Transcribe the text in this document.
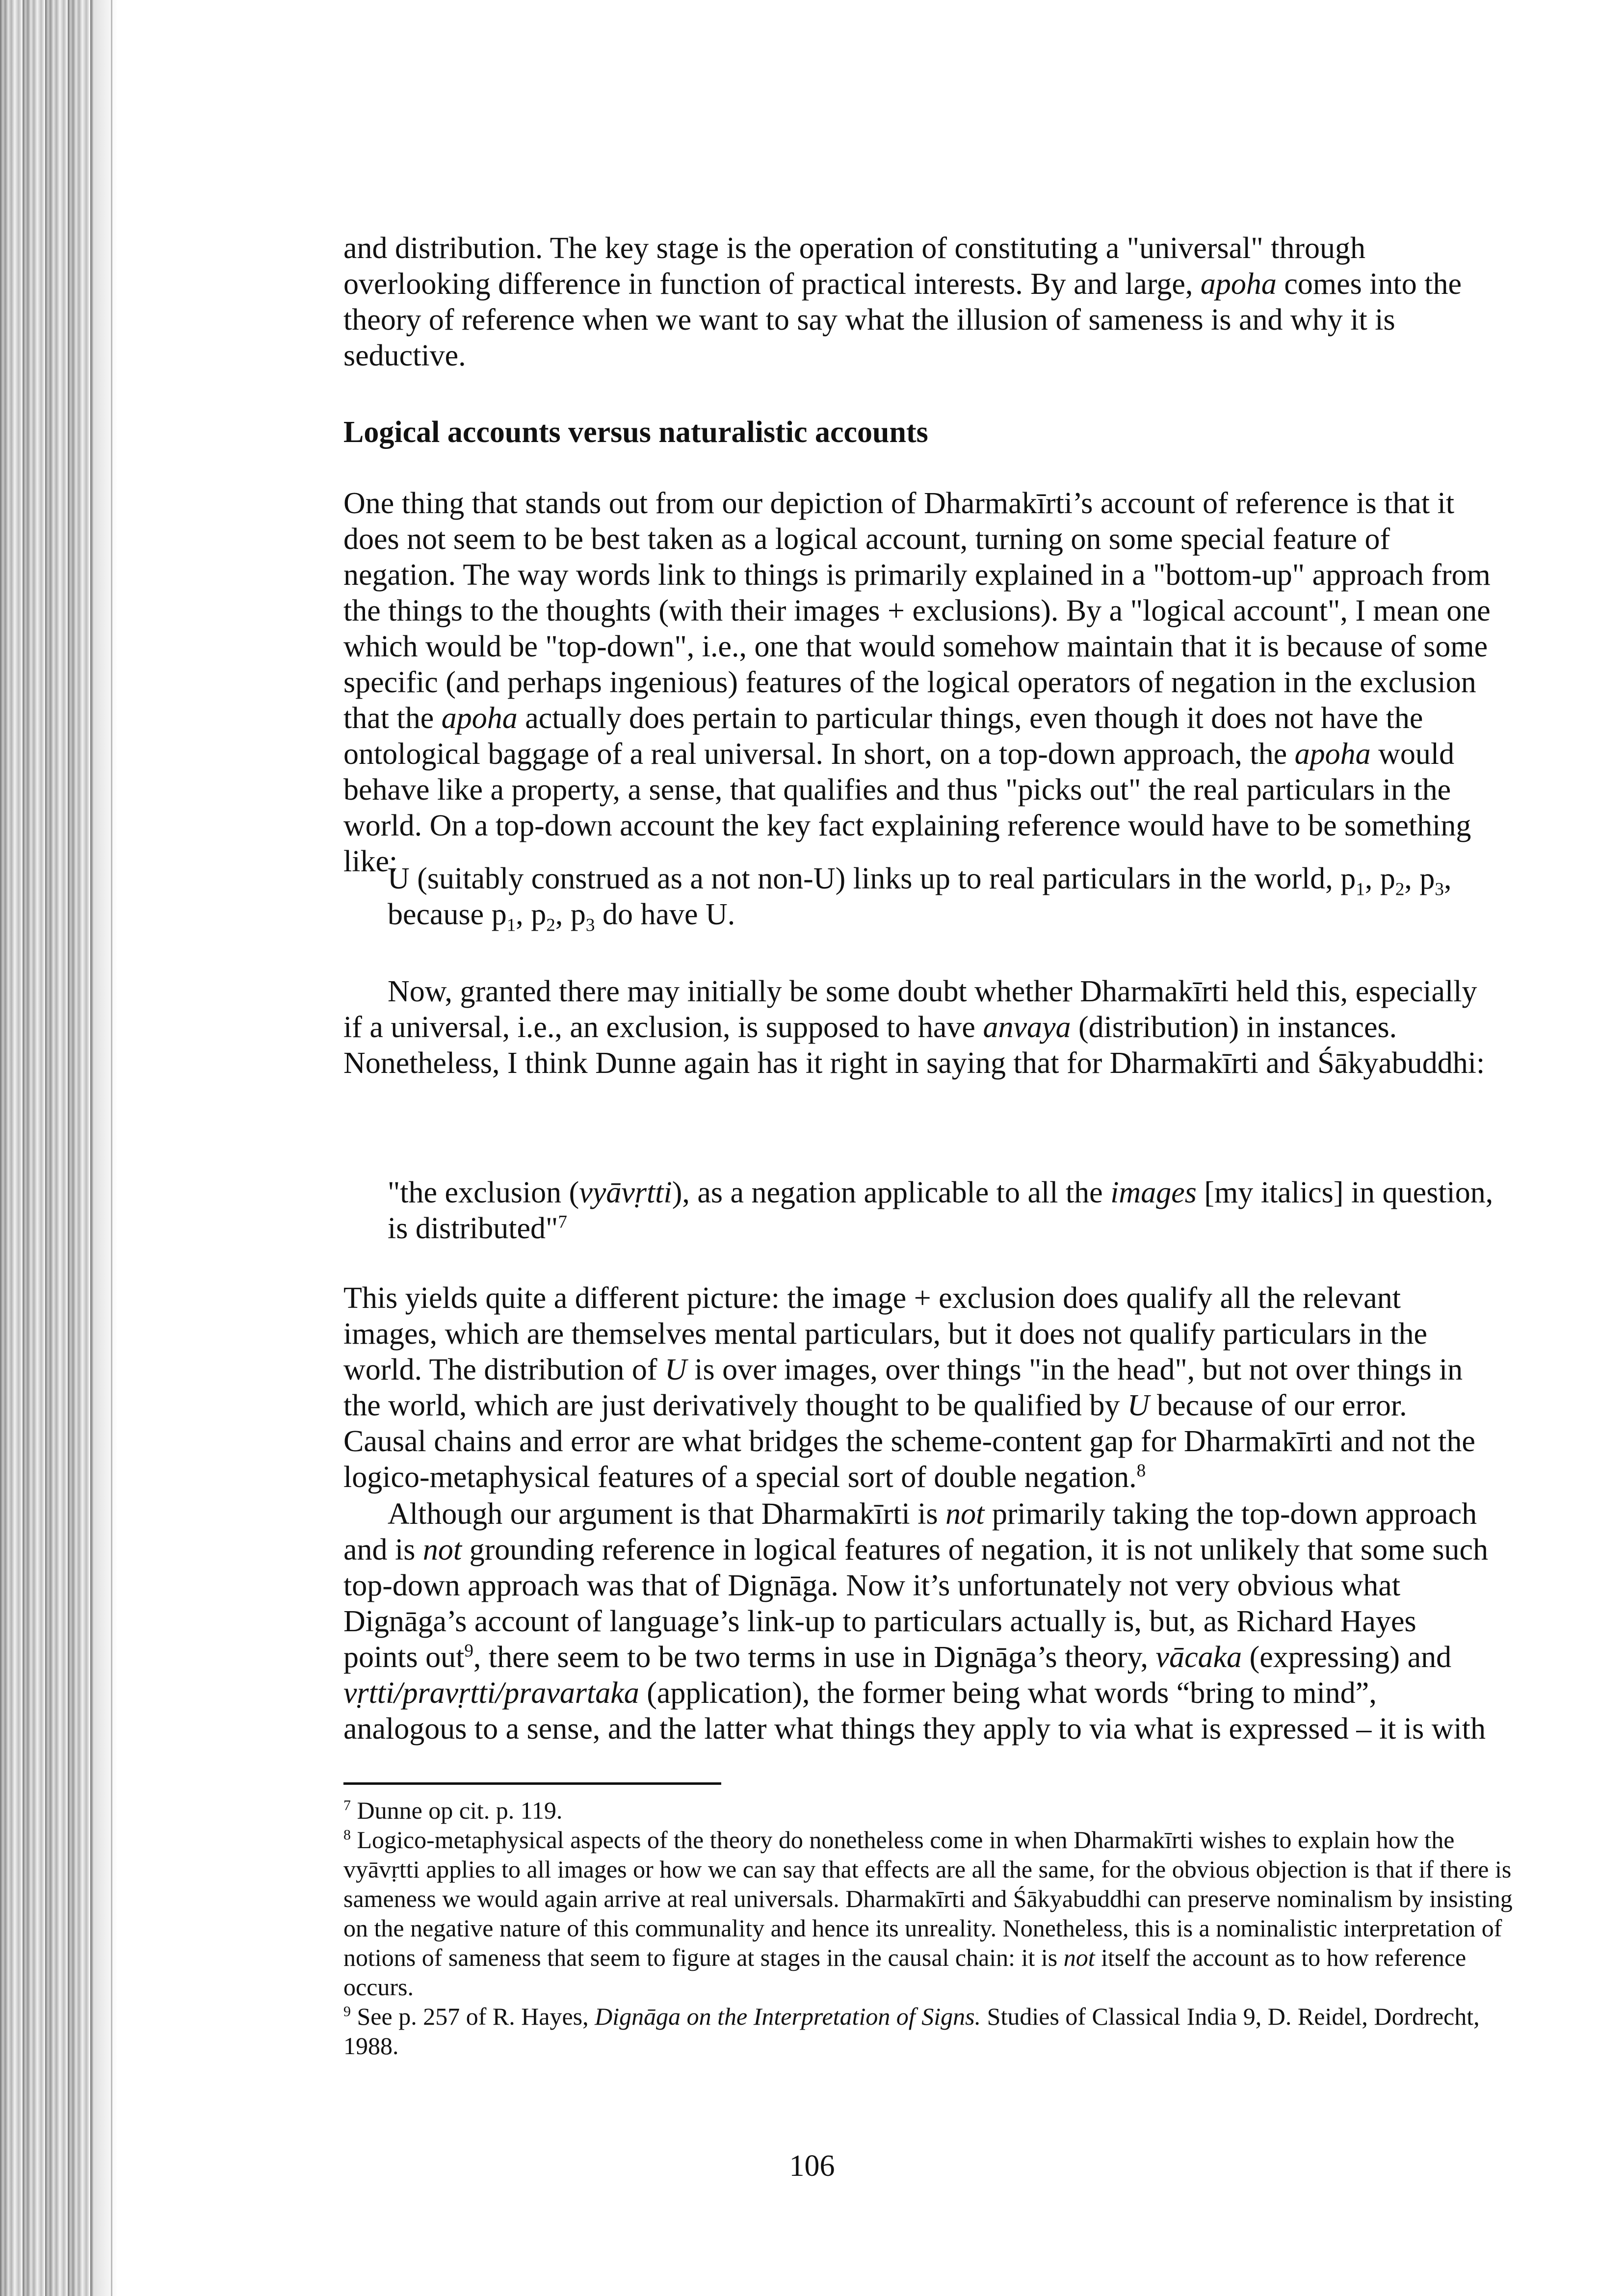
and distribution. The key stage is the operation of constituting a "universal" through overlooking difference in function of practical interests. By and large, apoha comes into the theory of reference when we want to say what the illusion of sameness is and why it is seductive.

Logical accounts versus naturalistic accounts

One thing that stands out from our depiction of Dharmakīrti’s account of reference is that it does not seem to be best taken as a logical account, turning on some special feature of negation. The way words link to things is primarily explained in a "bottom-up" approach from the things to the thoughts (with their images + exclusions). By a "logical account", I mean one which would be "top-down", i.e., one that would somehow maintain that it is because of some specific (and perhaps ingenious) features of the logical operators of negation in the exclusion that the apoha actually does pertain to particular things, even though it does not have the ontological baggage of a real universal. In short, on a top-down approach, the apoha would behave like a property, a sense, that qualifies and thus "picks out" the real particulars in the world. On a top-down account the key fact explaining reference would have to be something like:

U (suitably construed as a not non-U) links up to real particulars in the world, $p_1$, $p_2$, $p_3$, because $p_1$, $p_2$, $p_3$ do have U.

Now, granted there may initially be some doubt whether Dharmakīrti held this, especially if a universal, i.e., an exclusion, is supposed to have anvaya (distribution) in instances. Nonetheless, I think Dunne again has it right in saying that for Dharmakīrti and Śākyabuddhi:

"the exclusion (vyāvṛtti), as a negation applicable to all the images [my italics] in question, is distributed"$^7$

This yields quite a different picture: the image + exclusion does qualify all the relevant images, which are themselves mental particulars, but it does not qualify particulars in the world. The distribution of U is over images, over things "in the head", but not over things in the world, which are just derivatively thought to be qualified by U because of our error. Causal chains and error are what bridges the scheme-content gap for Dharmakīrti and not the logico-metaphysical features of a special sort of double negation.$^8$

Although our argument is that Dharmakīrti is not primarily taking the top-down approach and is not grounding reference in logical features of negation, it is not unlikely that some such top-down approach was that of Dignāga. Now it’s unfortunately not very obvious what Dignāga’s account of language’s link-up to particulars actually is, but, as Richard Hayes points out$^9$, there seem to be two terms in use in Dignāga’s theory, vācaka (expressing) and vṛtti/pravṛtti/pravartaka (application), the former being what words “bring to mind”, analogous to a sense, and the latter what things they apply to via what is expressed – it is with

$^7$ Dunne op cit. p. 119.

$^8$ Logico-metaphysical aspects of the theory do nonetheless come in when Dharmakīrti wishes to explain how the vyāvṛtti applies to all images or how we can say that effects are all the same, for the obvious objection is that if there is sameness we would again arrive at real universals. Dharmakīrti and Śākyabuddhi can preserve nominalism by insisting on the negative nature of this communality and hence its unreality. Nonetheless, this is a nominalistic interpretation of notions of sameness that seem to figure at stages in the causal chain: it is not itself the account as to how reference occurs.

$^9$ See p. 257 of R. Hayes, Dignāga on the Interpretation of Signs. Studies of Classical India 9, D. Reidel, Dordrecht, 1988.

106
